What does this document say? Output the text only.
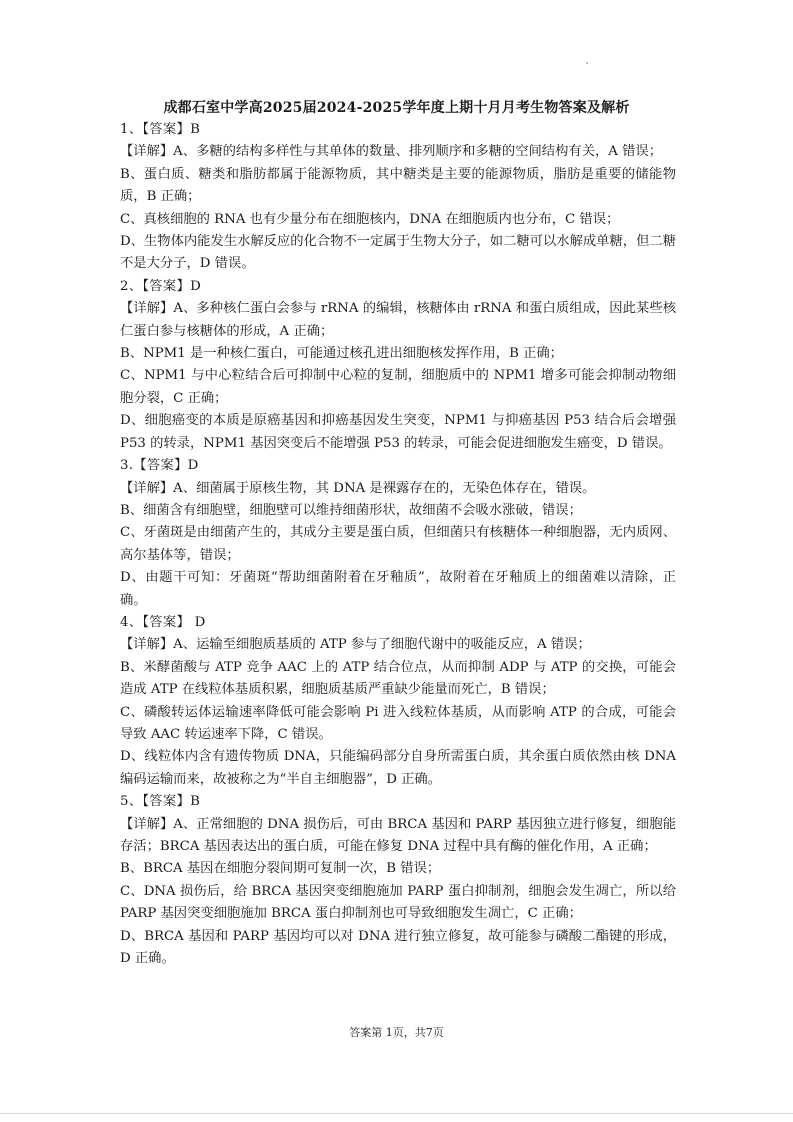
成都石室中学高2025届2024-2025学年度上期十月月考生物答案及解析

1、【答案】B

【详解】A、多糖的结构多样性与其单体的数量、排列顺序和多糖的空间结构有关，A 错误；

B、蛋白质、糖类和脂肪都属于能源物质，其中糖类是主要的能源物质，脂肪是重要的储能物质，B 正确；

C、真核细胞的 RNA 也有少量分布在细胞核内，DNA 在细胞质内也分布，C 错误；

D、生物体内能发生水解反应的化合物不一定属于生物大分子，如二糖可以水解成单糖，但二糖不是大分子，D 错误。

2、【答案】D

【详解】A、多种核仁蛋白会参与 rRNA 的编辑，核糖体由 rRNA 和蛋白质组成，因此某些核仁蛋白参与核糖体的形成，A 正确；

B、NPM1 是一种核仁蛋白，可能通过核孔进出细胞核发挥作用，B 正确；

C、NPM1 与中心粒结合后可抑制中心粒的复制，细胞质中的 NPM1 增多可能会抑制动物细胞分裂，C 正确；

D、细胞癌变的本质是原癌基因和抑癌基因发生突变，NPM1 与抑癌基因 P53 结合后会增强 P53 的转录，NPM1 基因突变后不能增强 P53 的转录，可能会促进细胞发生癌变，D 错误。

3.【答案】D

【详解】A、细菌属于原核生物，其 DNA 是裸露存在的，无染色体存在，错误。

B、细菌含有细胞壁，细胞壁可以维持细菌形状，故细菌不会吸水涨破，错误；

C、牙菌斑是由细菌产生的，其成分主要是蛋白质，但细菌只有核糖体一种细胞器，无内质网、高尔基体等，错误；

D、由题干可知：牙菌斑“帮助细菌附着在牙釉质”，故附着在牙釉质上的细菌难以清除，正确。

4、【答案】 D

【详解】A、运输至细胞质基质的 ATP 参与了细胞代谢中的吸能反应，A 错误；

B、米酵菌酸与 ATP 竞争 AAC 上的 ATP 结合位点，从而抑制 ADP 与 ATP 的交换，可能会造成 ATP 在线粒体基质积累，细胞质基质严重缺少能量而死亡，B 错误；

C、磷酸转运体运输速率降低可能会影响 Pi 进入线粒体基质，从而影响 ATP 的合成，可能会导致 AAC 转运速率下降，C 错误。

D、线粒体内含有遗传物质 DNA，只能编码部分自身所需蛋白质，其余蛋白质依然由核 DNA 编码运输而来，故被称之为“半自主细胞器”，D 正确。

5、【答案】B

【详解】A、正常细胞的 DNA 损伤后，可由 BRCA 基因和 PARP 基因独立进行修复，细胞能存活；BRCA 基因表达出的蛋白质，可能在修复 DNA 过程中具有酶的催化作用，A 正确；

B、BRCA 基因在细胞分裂间期可复制一次，B 错误；

C、DNA 损伤后，给 BRCA 基因突变细胞施加 PARP 蛋白抑制剂，细胞会发生凋亡，所以给 PARP 基因突变细胞施加 BRCA 蛋白抑制剂也可导致细胞发生凋亡，C 正确；

D、BRCA 基因和 PARP 基因均可以对 DNA 进行独立修复，故可能参与磷酸二酯键的形成，D 正确。

答案第 1页，共7页
